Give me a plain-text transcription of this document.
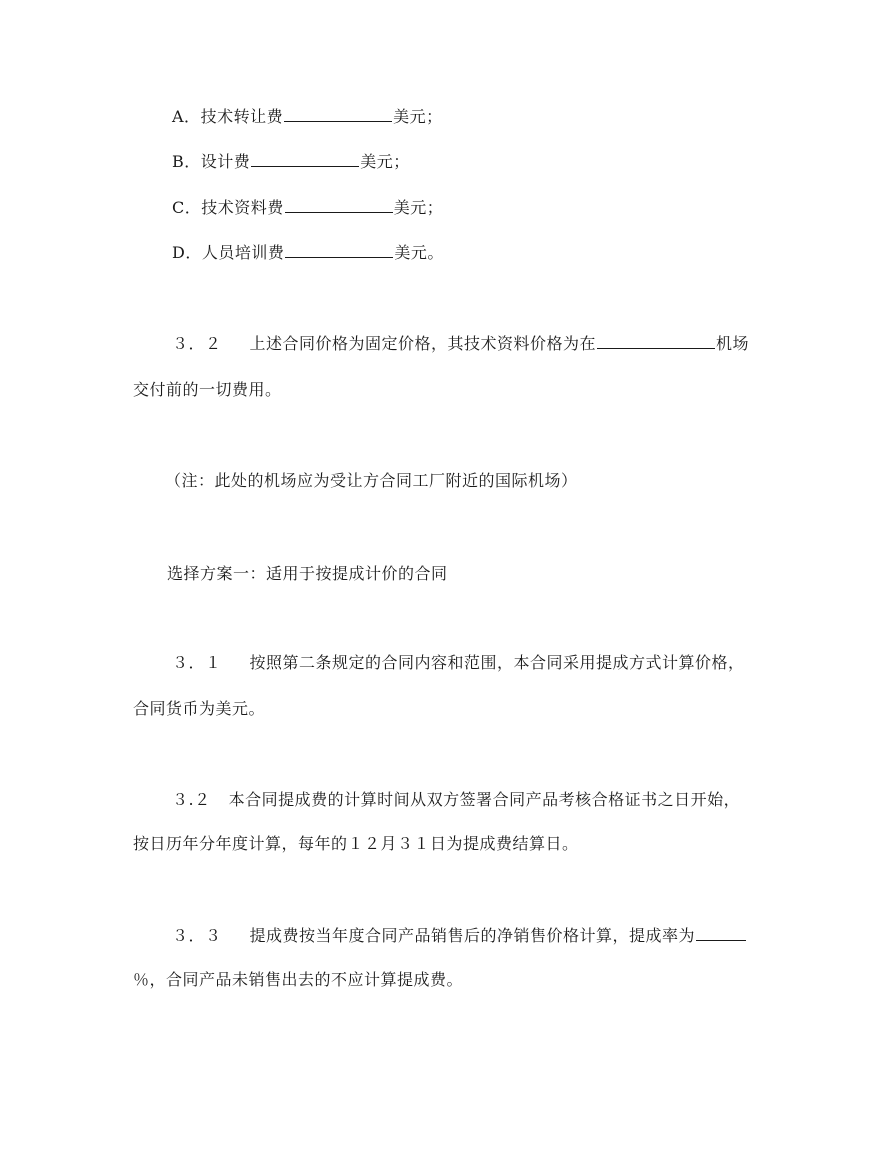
A．技术转让费	美元；
B．设计费	美元；
C．技术资料费	美元；
D．人员培训费	美元。
３．２ 上述合同价格为固定价格，其技术资料价格为在	机场
交付前的一切费用。
（注：此处的机场应为受让方合同工厂附近的国际机场）
选择方案一：适用于按提成计价的合同
３．１ 按照第二条规定的合同内容和范围，本合同采用提成方式计算价格，
合同货币为美元。
３.２ 本合同提成费的计算时间从双方签署合同产品考核合格证书之日开始，
按日历年分年度计算，每年的１２月３１日为提成费结算日。
３．３ 提成费按当年度合同产品销售后的净销售价格计算，提成率为
％，合同产品未销售出去的不应计算提成费。
